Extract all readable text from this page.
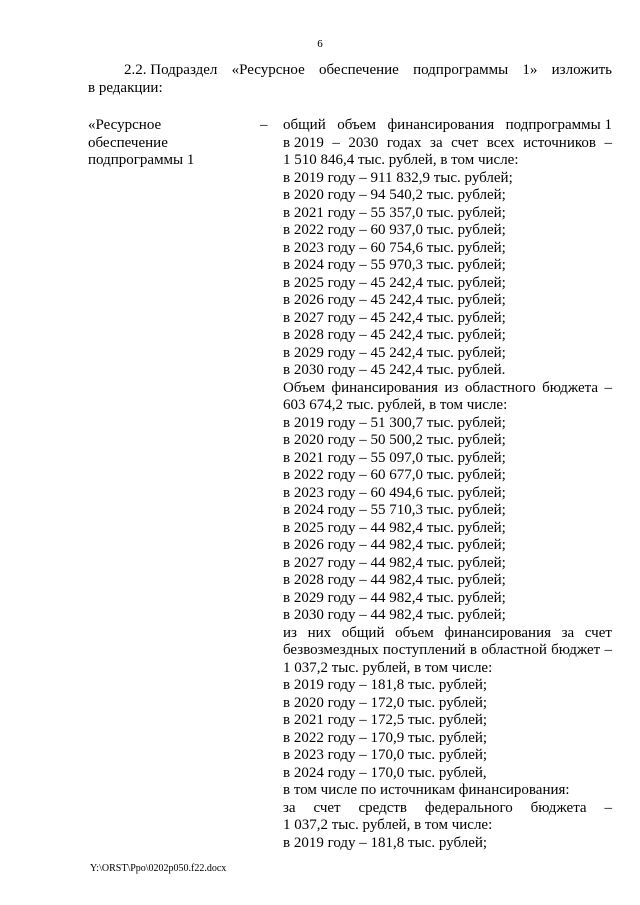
6
2.2. Подраздел «Ресурсное обеспечение подпрограммы 1» изложить
в редакции:
«Ресурсное
обеспечение
подпрограммы 1
– общий объем финансирования подпрограммы 1
в 2019 – 2030 годах за счет всех источников –
1 510 846,4 тыс. рублей, в том числе:
в 2019 году – 911 832,9 тыс. рублей;
в 2020 году – 94 540,2 тыс. рублей;
в 2021 году – 55 357,0 тыс. рублей;
в 2022 году – 60 937,0 тыс. рублей;
в 2023 году – 60 754,6 тыс. рублей;
в 2024 году – 55 970,3 тыс. рублей;
в 2025 году – 45 242,4 тыс. рублей;
в 2026 году – 45 242,4 тыс. рублей;
в 2027 году – 45 242,4 тыс. рублей;
в 2028 году – 45 242,4 тыс. рублей;
в 2029 году – 45 242,4 тыс. рублей;
в 2030 году – 45 242,4 тыс. рублей.
Объем финансирования из областного бюджета –
603 674,2 тыс. рублей, в том числе:
в 2019 году – 51 300,7 тыс. рублей;
в 2020 году – 50 500,2 тыс. рублей;
в 2021 году – 55 097,0 тыс. рублей;
в 2022 году – 60 677,0 тыс. рублей;
в 2023 году – 60 494,6 тыс. рублей;
в 2024 году – 55 710,3 тыс. рублей;
в 2025 году – 44 982,4 тыс. рублей;
в 2026 году – 44 982,4 тыс. рублей;
в 2027 году – 44 982,4 тыс. рублей;
в 2028 году – 44 982,4 тыс. рублей;
в 2029 году – 44 982,4 тыс. рублей;
в 2030 году – 44 982,4 тыс. рублей;
из них общий объем финансирования за счет
безвозмездных поступлений в областной бюджет –
1 037,2 тыс. рублей, в том числе:
в 2019 году – 181,8 тыс. рублей;
в 2020 году – 172,0 тыс. рублей;
в 2021 году – 172,5 тыс. рублей;
в 2022 году – 170,9 тыс. рублей;
в 2023 году – 170,0 тыс. рублей;
в 2024 году – 170,0 тыс. рублей,
в том числе по источникам финансирования:
за счет средств федерального бюджета –
1 037,2 тыс. рублей, в том числе:
в 2019 году – 181,8 тыс. рублей;
Y:\ORST\Ppo\0202p050.f22.docx
